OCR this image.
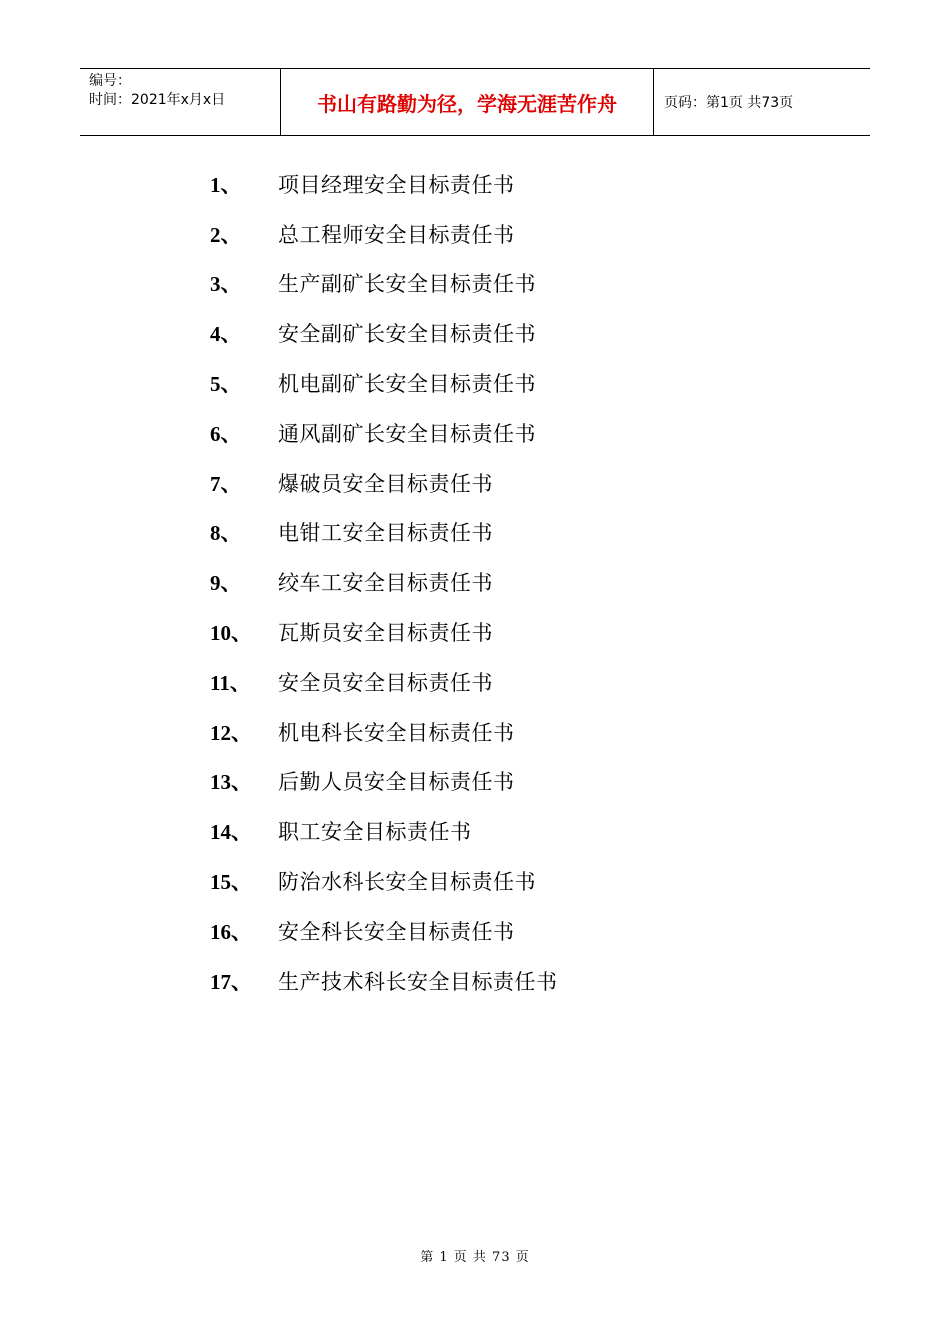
编号：
时间：2021年x月x日	书山有路勤为径，学海无涯苦作舟	页码：第1页 共73页
1、	项目经理安全目标责任书
2、	总工程师安全目标责任书
3、	生产副矿长安全目标责任书
4、	安全副矿长安全目标责任书
5、	机电副矿长安全目标责任书
6、	通风副矿长安全目标责任书
7、	爆破员安全目标责任书
8、	电钳工安全目标责任书
9、	绞车工安全目标责任书
10、	瓦斯员安全目标责任书
11、	安全员安全目标责任书
12、	机电科长安全目标责任书
13、	后勤人员安全目标责任书
14、	职工安全目标责任书
15、	防治水科长安全目标责任书
16、	安全科长安全目标责任书
17、	生产技术科长安全目标责任书
第 1 页 共 73 页
